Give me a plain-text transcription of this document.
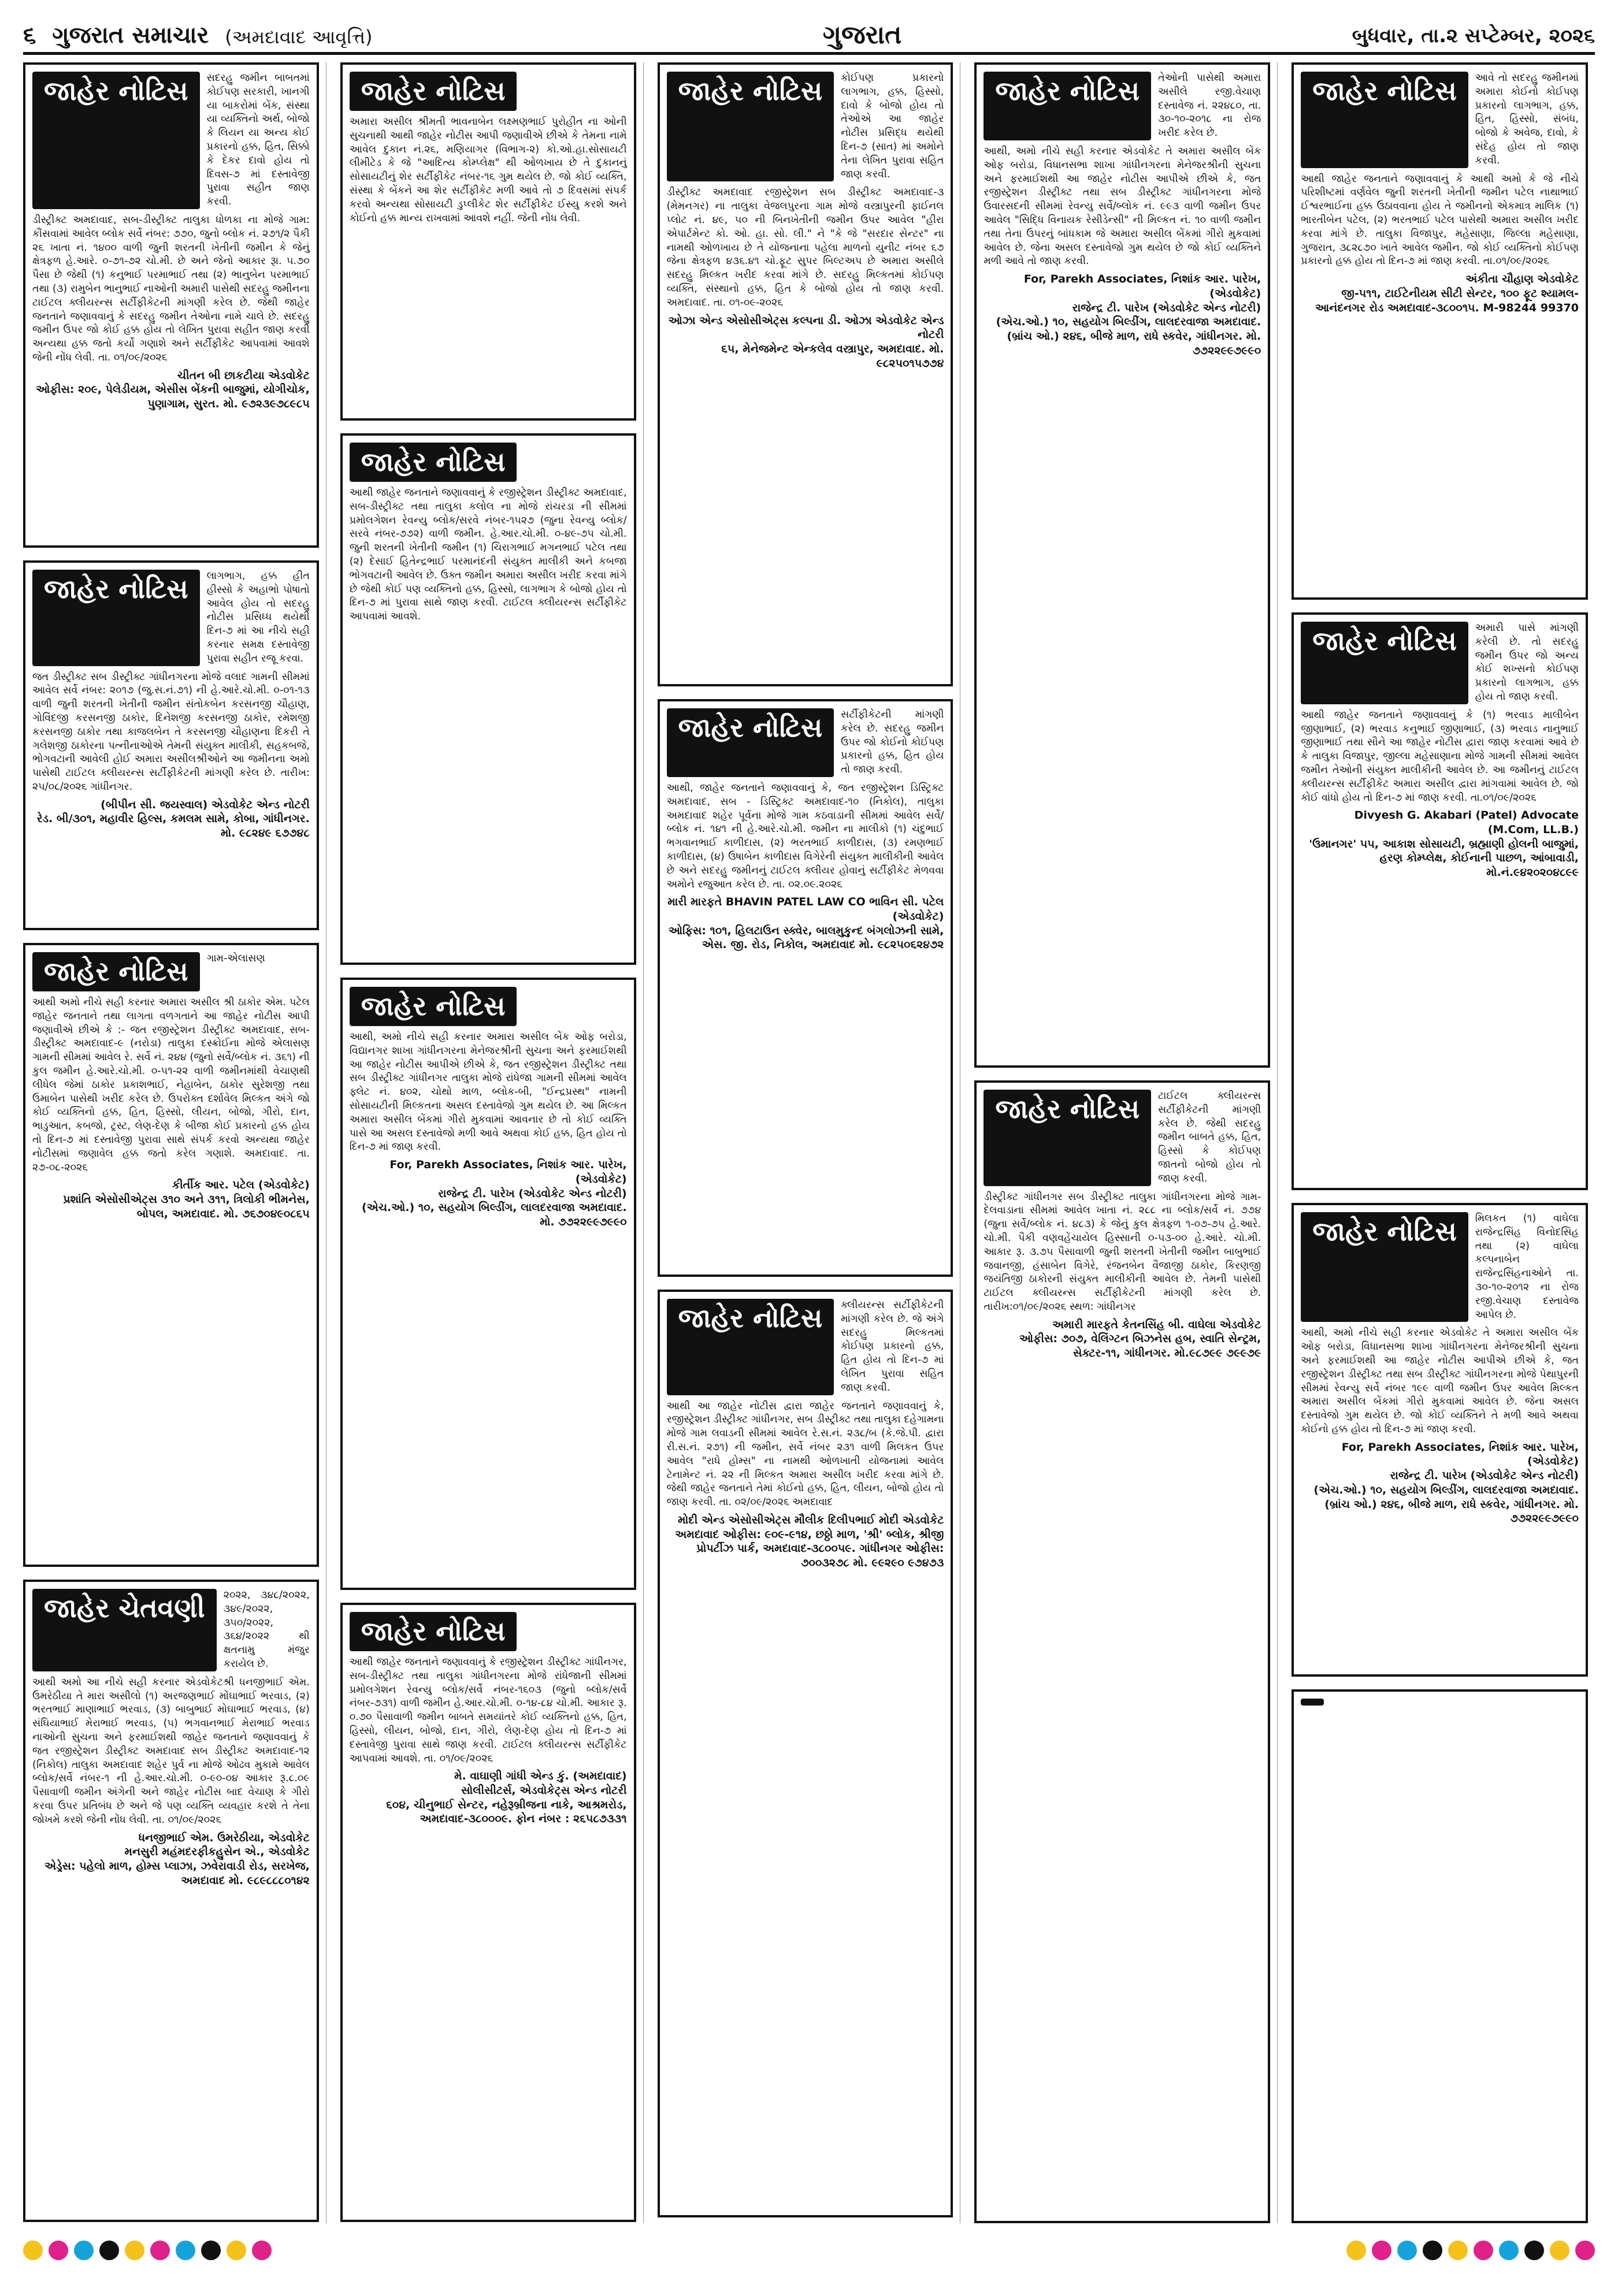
૬ ગુજરાત સમાચાર (અમદાવાદ આવૃત્તિ)	ગુજરાત	બુધવાર, તા.૨ સપ્ટેમ્બર, ૨૦૨૬
જાહેર નોટિસ	સદરહુ જમીન બાબતમાં કોઈપણ સરકારી, ખાનગી યા બાકરોમાં બેંક, સંસ્થા યા વ્યક્તિનો અર્થ, બોજો કે લિયન યા અન્ય કોઈ પ્રકારનો હક્ક, હિત, સિક્કો કે દેકર દાવો હોય તો દિવસ-૭ માં દસ્તાવેજી પુરાવા સહીત જાણ કરવી.
ડીસ્ટ્રીક્ટ અમદાવાદ, સબ-ડીસ્ટ્રીક્ટ તાલુકા ધોળકા ના મોજે ગામ: કૌંસવામાં આવેલ બ્લોક સર્વે નંબર: ૭૭૦, જુનો બ્લોક નં. ૨૭૧/૨ પૈકી ૨૬ ખાતા નં. ૧૪૦૦ વાળી જુની શરતની ખેતીની જમીન કે જેનું ક્ષેત્રફળ હે.આરે. ૦-૭૧-૭૨ ચો.મી. છે અને જેનો આકાર રૂા. ૫.૭૦ પૈસા છે જેથી (૧) કનુભાઈ પરમાભાઈ તથા (૨) ભાનુબેન પરમાભાઈ તથા (૩) રામુબેન ભાનુભાઈ નાઓની અમારી પાસેથી સદરહુ જમીનના ટાઈટલ ક્લીયરન્સ સર્ટીફીકેટની માંગણી કરેલ છે. જેથી જાહેર જનતાને જણાવવાનું કે સદરહુ જમીન તેઓના નામે ચાલે છે. સદરહુ જમીન ઉપર જો કોઈ હક્ક હોય તો લેખિત પુરાવા સહીત જાણ કરવી અન્યથા હક્ક જતો કર્યો ગણાશે અને સર્ટીફીકેટ આપવામાં આવશે જેની નોંધ લેવી. તા. ૦૧/૦૯/૨૦૨૬
ચીતન બી છાકટીયા એડવોકેટ
ઓફીસ: ૨૦૯, પેલેડીયમ, એસીસ બેંકની બાજુમાં, યોગીચોક, પુણાગામ, સુરત. મો. ૯૭૨૩૯૭૮૯૮૫
જાહેર નોટિસ	લાગભાગ, હક્ક હીત હીસ્સો કે અહાભો પોષાતો આવેલ હોય તો સદરહુ નોટીસ પ્રસિધ્ધ થયેથી દિન-૭ માં આ નીચે સહી કરનાર સમક્ષ દસ્તાવેજી પુરાવા સહીત રજૂ કરવા.
જત ડીસ્ટ્રીક્ટ સબ ડીસ્ટ્રીક્ટ ગાંધીનગરના મોજે વલાદ ગામની સીમમાં આવેલ સર્વે નંબર: ૨૦૧૭ (જુ.સ.નં.૭૧) ની હે.આરે.ચો.મી. ૦-૦૧-૧૩ વાળી જુની શરતની ખેતીની જમીન સંતોકબેન કરસનજી ચૌહાણ, ગોવિંદજી કરસનજી ઠાકોર, દિનેશજી કરસનજી ઠાકોર, રમેશજી કરસનજી ઠાકોર તથા કાજલબેન તે કરસનજી ચૌહાણના દિકરી તે ગલેશજી ઠાકોરના પત્નીનાઓએ તેમની સંયુક્ત માલીકી, સહકબજે, ભોગવટાની આવેલી હોઈ અમારા અસીલશ્રીઓને આ જમીનના અમો પાસેથી ટાઈટલ ક્લીયરન્સ સર્ટીફીકેટની માંગણી કરેલ છે. તારીખ: ૨૫/૦૮/૨૦૨૬ ગાંધીનગર.
(બીપીન સી. જયસ્વાલ) એડવોકેટ એન્ડ નોટરી
રેડ. બી/૩૦૧, મહાવીર હિલ્સ, કમલમ સામે, કોબા, ગાંધીનગર. મો. ૯૮૨૪૯ ૬૭૭૪૮
જાહેર નોટિસ	ગામ-એલાસણ
આથી અમો નીચે સહી કરનાર અમારા અસીલ શ્રી ઠાકોર એમ. પટેલ જાહેર જનતાને તથા લાગતા વળગતાને આ જાહેર નોટીસ આપી જણાવીએ છીએ કે :- જત રજીસ્ટ્રેશન ડીસ્ટ્રીક્ટ અમદાવાદ, સબ-ડીસ્ટ્રીક્ટ અમદાવાદ-૯ (નરોડા) તાલુકા દસ્ક્રોઈના મોજે એલાસણ ગામની સીમમાં આવેલ રે. સર્વે નં. ૨૪૪ (જુનો સર્વે/બ્લોક નં. ૩૬૧) ની કુલ જમીન હે.આરે.ચો.મી. ૦-૫૧-૨૨ વાળી જમીનમાંથી વેચાણથી લીધેલ જેમાં ઠાકોર પ્રકાશભાઈ, નેહાબેન, ઠાકોર સુરેશજી તથા ઉમાબેન પાસેથી ખરીદ કરેલ છે. ઉપરોક્ત દર્શાવેલ મિલ્કત અંગે જો કોઈ વ્યક્તિનો હક્ક, હિત, હિસ્સો, લીયન, બોજો, ગીરો, દાન, ભાડુઆત, કબજો, ટ્રસ્ટ, લેણ-દેણ કે બીજા કોઈ પ્રકારનો હક્ક હોય તો દિન-૭ માં દસ્તાવેજી પુરાવા સાથે સંપર્ક કરવો અન્યથા જાહેર નોટીસમાં જણાવેલ હક્ક જતો કરેલ ગણાશે. અમદાવાદ. તા. ૨૭-૦૮-૨૦૨૬
કીર્તીક આર. પટેલ (એડવોકેટ)
પ્રશાંતિ એસોસીએટ્સ ૩૧૦ અને ૩૧૧, ત્રિલોકી ભીમનેસ, બોપલ, અમદાવાદ. મો. ૭૬૭૦૪૯૦૮૬૫
જાહેર ચેતવણી	૨૦૨૨, ૩૪૮/૨૦૨૨, ૩૪૯/૨૦૨૨, ૩૫૦/૨૦૨૨, ૩૬૪/૨૦૨૨ થી ક્ષતનામુ મંજુર કરાયેલ છે.
આથી અમો આ નીચે સહી કરનાર એડવોકેટશ્રી ધનજીભાઈ એમ. ઉમરેઠીયા તે મારા અસીલો (૧) અરજણભાઈ મોંઘાભાઈ ભરવાડ, (૨) ભરતભાઈ માણાભાઈ ભરવાડ, (૩) બાબુભાઈ મોઘાભાઈ ભરવાડ, (૪) સંઘિયાભાઈ મેરાભાઈ ભરવાડ, (૫) ભગવાનભાઈ મેરાભાઈ ભરવાડ નાઓની સુચના અને ફરમાઈશથી જાહેર જનતાને જણાવવાનું કે જત રજીસ્ટ્રેશન ડીસ્ટ્રીક્ટ અમદાવાદ સબ ડીસ્ટ્રીક્ટ અમદાવાદ-૧૨ (નિકોલ) તાલુકા અમદાવાદ શહેર પુર્વ ના મોજે ઓઢવ મુકામે આવેલ બ્લોક/સર્વે નંબર-૧ ની હે.આર.ચો.મી. ૦-૯૦-૦૪ આકાર રૂ.૮.૦૯ પૈસાવાળી જમીન અંગેની અને જાહેર નોટીસ બાદ વેચાણ કે ગીરો કરવા ઉપર પ્રતિબંધ છે અને જે પણ વ્યક્તિ વ્યવહાર કરશે તે તેના જોખમે કરશે જેની નોંધ લેવી. તા. ૦૧/૦૯/૨૦૨૬
ધનજીભાઈ એમ. ઉમરેઠીયા, એડવોકેટ
મનસુરી મહંમદરફીકહુસેન એ., એડવોકેટ
એડ્રેસ: પહેલો માળ, હોમ્સ પ્લાઝા, ઝવેરાવાડી રોડ, સરખેજ, અમદાવાદ મો. ૯૮૯૮૮૮૦૧૪૨
જાહેર નોટિસ
અમારા અસીલ શ્રીમતી ભાવનાબેન લક્ષ્મણભાઈ પુરોહીત ના ઓની સુચનાથી આથી જાહેર નોટીસ આપી જણાવીએ છીએ કે તેમના નામે આવેલ દુકાન નં.૨૬, મણિયાગર (વિભાગ-૨) કો.ઓ.હા.સોસાયટી લીમીટેડ કે જે "આદિત્ય કોમ્પ્લેક્ષ" થી ઓળખાય છે તે દુકાનનું સોસાયટીનું શેર સર્ટીફીકેટ નંબર-૧૬ ગુમ થયેલ છે. જો કોઈ વ્યક્તિ, સંસ્થા કે બેંકને આ શેર સર્ટીફીકેટ મળી આવે તો ૭ દિવસમાં સંપર્ક કરવો અન્યથા સોસાયટી ડુપ્લીકેટ શેર સર્ટીફીકેટ ઈસ્યુ કરશે અને કોઈનો હક્ક માન્ય રાખવામાં આવશે નહીં. જેની નોંધ લેવી.
જાહેર નોટિસ
આથી જાહેર જનતાને જણાવવાનું કે રજીસ્ટ્રેશન ડીસ્ટ્રીક્ટ અમદાવાદ, સબ-ડીસ્ટ્રીક્ટ તથા તાલુકા કલોલ ના મોજે રાંચરડા ની સીમમાં પ્રમોલગેશન રેવન્યુ બ્લોક/સરવે નંબર-૧૫૨૭ (જુના રેવન્યુ બ્લોક/સરવે નંબર-૭૭૨) વાળી જમીન. હે.આર.ચો.મી. ૦-૪૯-૭૫ ચો.મી. જુની શરતની ખેતીની જમીન (૧) ચિરાગભાઈ મગનભાઈ પટેલ તથા (૨) દેસાઈ હિતેન્દ્રભાઈ પરમાનંદની સંયુક્ત માલીકી અને કબજા ભોગવટાની આવેલ છે. ઉક્ત જમીન અમારા અસીલ ખરીદ કરવા માંગે છે જેથી કોઈ પણ વ્યક્તિનો હક્ક, હિસ્સો, લાગભાગ કે બોજો હોય તો દિન-૭ માં પુરાવા સાથે જાણ કરવી. ટાઈટલ ક્લીયરન્સ સર્ટીફીકેટ આપવામાં આવશે.
જાહેર નોટિસ
આથી, અમો નીચે સહી કરનાર અમારા અસીલ બેંક ઓફ બરોડા, વિદ્યાનગર શાખા ગાંધીનગરના મેનેજરશ્રીની સુચના અને ફરમાઈશથી આ જાહેર નોટીસ આપીએ છીએ કે, જત રજીસ્ટ્રેશન ડીસ્ટ્રીક્ટ તથા સબ ડીસ્ટ્રીક્ટ ગાંધીનગર તાલુકા મોજે રાંધેજા ગામની સીમમાં આવેલ ફ્લેટ નં. ૪૦૨, ચોથો માળ, બ્લોક-બી, "ઈન્દ્રપ્રસ્થ" નામની સોસાયટીની મિલ્કતના અસલ દસ્તાવેજો ગુમ થયેલ છે. આ મિલ્કત અમારા અસીલ બેંકમાં ગીરો મુકવામાં આવનાર છે તો કોઈ વ્યક્તિ પાસે આ અસલ દસ્તાવેજો મળી આવે અથવા કોઈ હક્ક, હિત હોય તો દિન-૭ માં જાણ કરવી.
For, Parekh Associates, નિશાંક આર. પારેખ, (એડવોકેટ)
રાજેન્દ્ર ટી. પારેખ (એડવોકેટ એન્ડ નોટરી)
(એચ.ઓ.) ૧૦, સહયોગ બિલ્ડીંગ, લાલદરવાજા અમદાવાદ. મો. ૭૭૨૨૯૯૭૯૯૦
જાહેર નોટિસ
આથી જાહેર જનતાને જણાવવાનું કે રજીસ્ટ્રેશન ડીસ્ટ્રીક્ટ ગાંધીનગર, સબ-ડીસ્ટ્રીક્ટ તથા તાલુકા ગાંધીનગરના મોજે રાંધેજાની સીમમાં પ્રમોલગેશન રેવન્યુ બ્લોક/સર્વે નંબર-૧૬૦૩ (જુનો બ્લોક/સર્વે નંબર-૭૩૧) વાળી જમીન હે.આર.ચો.મી. ૦-૧૪-૮૪ ચો.મી. આકાર રૂ. ૦.૭૦ પૈસાવાળી જમીન બાબતે સમયાંતરે કોઈ વ્યક્તિનો હક્ક, હિત, હિસ્સો, લીયન, બોજો, દાન, ગીરો, લેણ-દેણ હોય તો દિન-૭ માં દસ્તાવેજી પુરાવા સાથે જાણ કરવી. ટાઈટલ ક્લીયરન્સ સર્ટીફીકેટ આપવામાં આવશે. તા. ૦૧/૦૯/૨૦૨૬
મે. વાઘાણી ગાંધી એન્ડ કું. (અમદાવાદ)
સોલીસીટર્સ, એડવોકેટ્સ એન્ડ નોટરી
૬૦૪, ચીનુભાઈ સેન્ટર, નહેરૂબ્રીજના નાકે, આશ્રમરોડ, અમદાવાદ-૩૮૦૦૦૯. ફોન નંબર : ૨૬૫૮૭૩૩૧
જાહેર નોટિસ	કોઈપણ પ્રકારનો લાગભાગ, હક્ક, હિસ્સો, દાવો કે બોજો હોય તો તેઓએ આ જાહેર નોટીસ પ્રસિદ્ધ થયેથી દિન-૭ (સાત) માં અમોને તેના લેખિત પુરાવા સહિત જાણ કરવી.
ડીસ્ટ્રીક્ટ અમદાવાદ રજીસ્ટ્રેશન સબ ડીસ્ટ્રીક્ટ અમદાવાદ-૩ (મેમનગર) ના તાલુકા વેજલપુરના ગામ મોજે વસ્ત્રાપુરની ફાઈનલ પ્લોટ નં. ૪૯, ૫૦ ની બિનખેતીની જમીન ઉપર આવેલ "હીરા એપાર્ટમેન્ટ કો. ઓ. હા. સો. લી." ને "કે જે "સરદાર સેન્ટર" ના નામથી ઓળખાય છે તે યોજનાના પહેલા માળનો યુનીટ નંબર ૬૭ જેના ક્ષેત્રફળ ૪૩૬.૪૧ ચો.ફૂટ સુપર બિલ્ટઅપ છે અમારા અસીલે સદરહુ મિલ્કત ખરીદ કરવા માંગે છે. સદરહુ મિલ્કતમાં કોઈપણ વ્યક્તિ, સંસ્થાનો હક્ક, હિત કે બોજો હોય તો જાણ કરવી. અમદાવાદ. તા. ૦૧-૦૯-૨૦૨૬
ઓઝા એન્ડ એસોસીએટ્સ કલ્પના ડી. ઓઝા એડવોકેટ એન્ડ નોટરી
૬૫, મેનેજમેન્ટ એન્કલેવ વસ્ત્રાપુર, અમદાવાદ. મો. ૯૮૨૫૦૧૫૭૭૪
જાહેર નોટિસ	સર્ટીફીકેટની માંગણી કરેલ છે. સદરહુ જમીન ઉપર જો કોઈનો કોઈપણ પ્રકારનો હક્ક, હિત હોય તો જાણ કરવી.
આથી, જાહેર જનતાને જણાવવાનું કે, જત રજીસ્ટ્રેશન ડિસ્ટ્રિક્ટ અમદાવાદ, સબ - ડિસ્ટ્રિક્ટ અમદાવાદ-૧૦ (નિકોલ), તાલુકા અમદાવાદ શહેર પૂર્વના મોજે ગામ કઠવાડાની સીમમાં આવેલ સર્વે/બ્લોક નં. ૧૪૧ ની હે.આરે.ચો.મી. જમીન ના માલીકો (૧) ચંદુભાઈ ભગવાનભાઈ કાળીદાસ, (૨) ભરતભાઈ કાળીદાસ, (૩) રમણભાઈ કાળીદાસ, (૪) ઉષાબેન કાળીદાસ વિગેરેની સંયુક્ત માલીકીની આવેલ છે અને સદરહુ જમીનનું ટાઈટલ ક્લીયર હોવાનું સર્ટીફીકેટ મેળવવા અમોને રજુઆત કરેલ છે. તા. ૦૨.૦૯.૨૦૨૬
મારી મારફતે BHAVIN PATEL LAW CO ભાવિન સી. પટેલ (એડવોકેટ)
ઓફિસ: ૧૦૧, હિલટાઉન સ્ક્વેર, બાલમુકુન્દ બંગલોઝની સામે, એસ. જી. રોડ, નિકોલ, અમદાવાદ મો. ૯૮૨૫૦૬૨૪૭૨
જાહેર નોટિસ	ક્લીયરન્સ સર્ટીફીકેટની માંગણી કરેલ છે. જે અંગે સદરહુ મિલ્કતમાં કોઈપણ પ્રકારનો હક્ક, હિત હોય તો દિન-૭ માં લેખિત પુરાવા સહિત જાણ કરવી.
આથી આ જાહેર નોટીસ દ્વારા જાહેર જનતાને જણાવવાનું કે, રજીસ્ટ્રેશન ડીસ્ટ્રીક્ટ ગાંધીનગર, સબ ડીસ્ટ્રીક્ટ તથા તાલુકા દહેગામના મોજે ગામ લવાડની સીમમાં આવેલ રે.સ.નં. ૨૩૮/બ (કે.જે.પી. દ્વારા રી.સ.નં. ૨૭૧) ની જમીન, સર્વે નંબર ૨૩૧ વાળી મિલકત ઉપર આવેલ "રાધે હોમ્સ" ના નામથી ઓળખાતી યોજનામાં આવેલ ટેનામેન્ટ નં. ૨૨ ની મિલ્કત અમારા અસીલ ખરીદ કરવા માંગે છે. જેથી જાહેર જનતાને તેમાં કોઈનો હક્ક, હિત, લીયન, બોજો હોય તો જાણ કરવી. તા. ૦૨/૦૯/૨૦૨૬ અમદાવાદ
મોદી એન્ડ એસોસીએટ્સ મૌલીક દિલીપભાઈ મોદી એડવોકેટ
અમદાવાદ ઓફીસ: ૯૦૯-૯૧૪, છઠ્ઠો માળ, 'શ્રી' બ્લોક, શ્રીજી પ્રોપર્ટીઝ પાર્ક, અમદાવાદ-૩૮૦૦૫૯. ગાંધીનગર ઓફીસ: ૭૦૦૩૨૭૮ મો. ૯૯૨૯૦ ૯૭૪૭૩
જાહેર નોટિસ	તેઓની પાસેથી અમારા અસીલે રજી.વેચાણ દસ્તાવેજ નં. ૨૨૪૮૦, તા. ૩૦-૧૦-૨૦૧૮ ના રોજ ખરીદ કરેલ છે.
આથી, અમો નીચે સહી કરનાર એડવોકેટ તે અમારા અસીલ બેંક ઓફ બરોડા, વિધાનસભા શાખા ગાંધીનગરના મેનેજરશ્રીની સુચના અને ફરમાઈશથી આ જાહેર નોટીસ આપીએ છીએ કે, જત રજીસ્ટ્રેશન ડીસ્ટ્રીક્ટ તથા સબ ડીસ્ટ્રીક્ટ ગાંધીનગરના મોજે ઉવારસદની સીમમાં રેવન્યુ સર્વે/બ્લોક નં. ૯૯૩ વાળી જમીન ઉપર આવેલ "સિદ્ધિ વિનાયક રેસીડેન્સી" ની મિલ્કત નં. ૧૦ વાળી જમીન તથા તેના ઉપરનું બાંધકામ જે અમારા અસીલ બેંકમાં ગીરો મુકવામાં આવેલ છે. જેના અસલ દસ્તાવેજો ગુમ થયેલ છે જો કોઈ વ્યક્તિને મળી આવે તો જાણ કરવી.
For, Parekh Associates, નિશાંક આર. પારેખ, (એડવોકેટ)
રાજેન્દ્ર ટી. પારેખ (એડવોકેટ એન્ડ નોટરી)
(એચ.ઓ.) ૧૦, સહયોગ બિલ્ડીંગ, લાલદરવાજા અમદાવાદ. (બ્રાંચ ઓ.) ૨૪૬, બીજે માળ, રાધે સ્કવેર, ગાંધીનગર. મો. ૭૭૨૨૯૯૭૯૯૦
જાહેર નોટિસ	ટાઈટલ ક્લીયરન્સ સર્ટીફીકેટની માંગણી કરેલ છે. જેથી સદરહુ જમીન બાબતે હક્ક, હિત, હિસ્સો કે કોઈપણ જાતનો બોજો હોય તો જાણ કરવી.
ડીસ્ટ્રીક્ટ ગાંધીનગર સબ ડીસ્ટ્રીક્ટ તાલુકા ગાંધીનગરના મોજે ગામ-દેલવાડાના સીમમાં આવેલ ખાતા નં. ૨૮૮ ના બ્લોક/સર્વે નં. ૭૭૪ (જુના સર્વે/બ્લોક નં. ૪૮૩) કે જેનું કુલ ક્ષેત્રફળ ૧-૦૭-૭૫ હે.આરે. ચો.મી. પૈકી વણવહેંચાયેલ હિસ્સાની ૦-૫૩-૦૦ હે.આરે. ચો.મી. આકાર રૂ. ૩.૭૫ પૈસાવાળી જુની શરતની ખેતીની જમીન બાબુભાઈ જવાનજી, હંસાબેન વિગેરે, રંજનબેન વૈજાજી ઠાકોર, કિરણજી જયંતિજી ઠાકોરની સંયુક્ત માલીકીની આવેલ છે. તેમની પાસેથી ટાઈટલ ક્લીયરન્સ સર્ટીફીકેટની માંગણી કરેલ છે. તારીખ:૦૧/૦૯/૨૦૨૬ સ્થળ: ગાંધીનગર
અમારી મારફતે કેતનસિંહ બી. વાઘેલા એડવોકેટ
ઓફીસ: ૭૦૭, વેલિંગ્ટન બિઝનેસ હબ, સ્વાતિ સેન્ટ્રમ, સેક્ટર-૧૧, ગાંધીનગર. મો.૯૮૭૯૯ ૭૯૯૭૯
જાહેર નોટિસ	આવે તો સદરહુ જમીનમાં અમારા કોઈનો કોઈપણ પ્રકારનો લાગભાગ, હક્ક, હિત, હિસ્સો, સંબંધ, બોજો કે અવેજ, દાવો, કે સંદેહ હોય તો જાણ કરવી.
આથી જાહેર જનતાને જણાવવાનું કે આથી અમો કે જે નીચે પરિશીષ્ટમાં વર્ણવેલ જુની શરતની ખેતીની જમીન પટેલ નાથાભાઈ ઈશ્વરભાઈના હક્ક ઉઠાવવાના હોય તે જમીનનો એકમાત્ર માલિક (૧) ભારતીબેન પટેલ, (૨) ભરતભાઈ પટેલ પાસેથી અમારા અસીલ ખરીદ કરવા માંગે છે. તાલુકા વિજાપુર, મહેસાણા, જિલ્લા મહેસાણા, ગુજરાત, ૩૮૨૮૭૦ ખાતે આવેલ જમીન. જો કોઈ વ્યક્તિનો કોઈપણ પ્રકારનો હક્ક હોય તો દિન-૭ માં જાણ કરવી. તા.૦૧/૦૯/૨૦૨૬
અંકીતા ચૌહાણ એડવોકેટ
જી-૫૧૧, ટાઈટેનીયમ સીટી સેન્ટર, ૧૦૦ ફૂટ શ્યામલ-આનંદનગર રોડ અમદાવાદ-૩૮૦૦૧૫. M-98244 99370
જાહેર નોટિસ	અમારી પાસે માંગણી કરેલી છે. તો સદરહુ જમીન ઉપર જો અન્ય કોઈ શખ્સનો કોઈપણ પ્રકારનો લાગભાગ, હક્ક હોય તો જાણ કરવી.
આથી જાહેર જનતાને જણાવવાનું કે (૧) ભરવાડ માલીબેન જીણાભાઈ, (૨) ભરવાડ કનુભાઈ જીણાભાઈ, (૩) ભરવાડ નાનુભાઈ જીણાભાઈ તથા સૌને આ જાહેર નોટીસ દ્વારા જાણ કરવામાં આવે છે કે તાલુકા વિજાપુર, જીલ્લા મહેસાણાના મોજે ગામની સીમમાં આવેલ જમીન તેઓની સંયુક્ત માલીકીની આવેલ છે. આ જમીનનું ટાઈટલ ક્લીયરન્સ સર્ટીફીકેટ અમારા અસીલ દ્વારા માંગવામાં આવેલ છે. જો કોઈ વાંધો હોય તો દિન-૭ માં જાણ કરવી. તા.૦૧/૦૯/૨૦૨૬
Divyesh G. Akabari (Patel) Advocate (M.Com, LL.B.)
'ઉમાનગર' ૫૫, આકાશ સોસાયટી, બ્રહ્માણી હોલની બાજુમાં, હરણ કોમ્પ્લેક્ષ, કોઈનાની પાછળ, આંબાવાડી, મો.નં.૯૪૨૦૨૦૪૮૯૯
જાહેર નોટિસ	મિલકત (૧) વાઘેલા રાજેન્દ્રસિંહ વિનોદસિંહ તથા (૨) વાઘેલા કલ્પનાબેન રાજેન્દ્રસિંહનાઓને તા. ૩૦-૧૦-૨૦૧૨ ના રોજ રજી.વેચાણ દસ્તાવેજ આપેલ છે.
આથી, અમો નીચે સહી કરનાર એડવોકેટ તે અમારા અસીલ બેંક ઓફ બરોડા, વિધાનસભા શાખા ગાંધીનગરના મેનેજરશ્રીની સુચના અને ફરમાઈશથી આ જાહેર નોટીસ આપીએ છીએ કે, જત રજીસ્ટ્રેશન ડીસ્ટ્રીક્ટ તથા સબ ડીસ્ટ્રીક્ટ ગાંધીનગરના મોજે પેથાપુરની સીમમાં રેવન્યુ સર્વે નંબર ૧૯૯ વાળી જમીન ઉપર આવેલ મિલ્કત અમારા અસીલ બેંકમાં ગીરો મુકવામાં આવેલ છે. જેના અસલ દસ્તાવેજો ગુમ થયેલ છે. જો કોઈ વ્યક્તિને તે મળી આવે અથવા કોઈનો હક્ક હોય તો દિન-૭ માં જાણ કરવી.
For, Parekh Associates, નિશાંક આર. પારેખ, (એડવોકેટ)
રાજેન્દ્ર ટી. પારેખ (એડવોકેટ એન્ડ નોટરી)
(એચ.ઓ.) ૧૦, સહયોગ બિલ્ડીંગ, લાલદરવાજા અમદાવાદ. (બ્રાંચ ઓ.) ૨૪૬, બીજે માળ, રાધે સ્કવેર, ગાંધીનગર. મો. ૭૭૨૨૯૯૭૯૯૦
